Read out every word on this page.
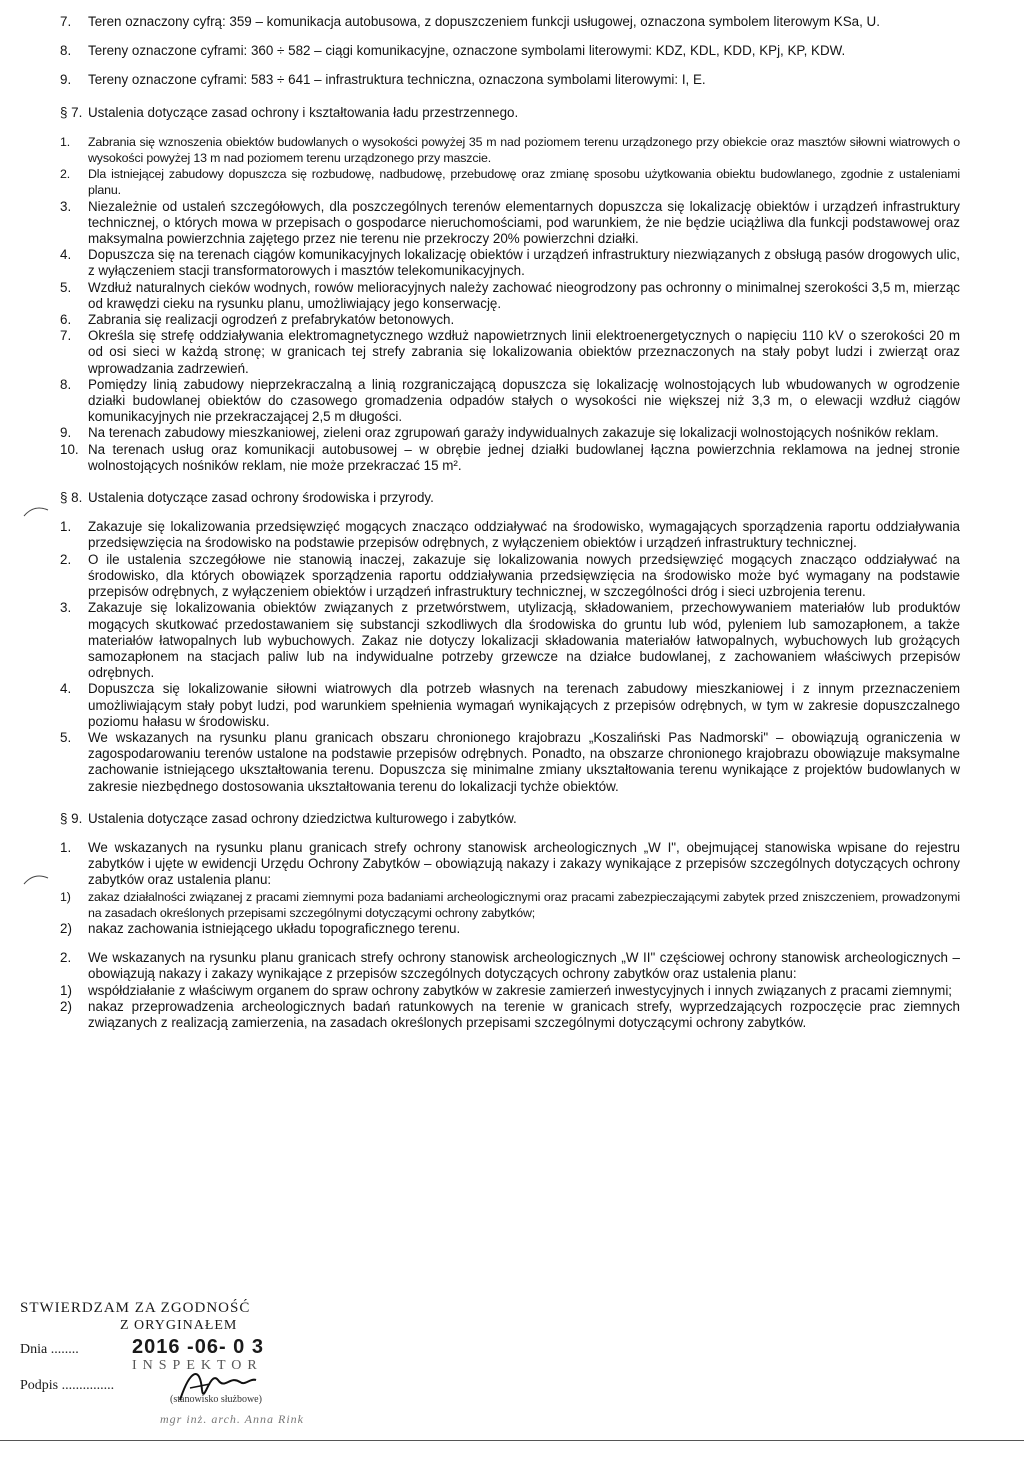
7. Teren oznaczony cyfrą: 359 – komunikacja autobusowa, z dopuszczeniem funkcji usługowej, oznaczona symbolem literowym KSa, U.
8. Tereny oznaczone cyframi: 360 ÷ 582 – ciągi komunikacyjne, oznaczone symbolami literowymi: KDZ, KDL, KDD, KPj, KP, KDW.
9. Tereny oznaczone cyframi: 583 ÷ 641 – infrastruktura techniczna, oznaczona symbolami literowymi: I, E.
§ 7. Ustalenia dotyczące zasad ochrony i kształtowania ładu przestrzennego.
1. Zabrania się wznoszenia obiektów budowlanych o wysokości powyżej 35 m nad poziomem terenu urządzonego przy obiekcie oraz masztów siłowni wiatrowych o wysokości powyżej 13 m nad poziomem terenu urządzonego przy maszcie.
2. Dla istniejącej zabudowy dopuszcza się rozbudowę, nadbudowę, przebudowę oraz zmianę sposobu użytkowania obiektu budowlanego, zgodnie z ustaleniami planu.
3. Niezależnie od ustaleń szczegółowych, dla poszczególnych terenów elementarnych dopuszcza się lokalizację obiektów i urządzeń infrastruktury technicznej, o których mowa w przepisach o gospodarce nieruchomościami, pod warunkiem, że nie będzie uciążliwa dla funkcji podstawowej oraz maksymalna powierzchnia zajętego przez nie terenu nie przekroczy 20% powierzchni działki.
4. Dopuszcza się na terenach ciągów komunikacyjnych lokalizację obiektów i urządzeń infrastruktury niezwiązanych z obsługą pasów drogowych ulic, z wyłączeniem stacji transformatorowych i masztów telekomunikacyjnych.
5. Wzdłuż naturalnych cieków wodnych, rowów melioracyjnych należy zachować nieogrodzony pas ochronny o minimalnej szerokości 3,5 m, mierząc od krawędzi cieku na rysunku planu, umożliwiający jego konserwację.
6. Zabrania się realizacji ogrodzeń z prefabrykatów betonowych.
7. Określa się strefę oddziaływania elektromagnetycznego wzdłuż napowietrznych linii elektroenergetycznych o napięciu 110 kV o szerokości 20 m od osi sieci w każdą stronę; w granicach tej strefy zabrania się lokalizowania obiektów przeznaczonych na stały pobyt ludzi i zwierząt oraz wprowadzania zadrzewień.
8. Pomiędzy linią zabudowy nieprzekraczalną a linią rozgraniczającą dopuszcza się lokalizację wolnostojących lub wbudowanych w ogrodzenie działki budowlanej obiektów do czasowego gromadzenia odpadów stałych o wysokości nie większej niż 3,3 m, o elewacji wzdłuż ciągów komunikacyjnych nie przekraczającej 2,5 m długości.
9. Na terenach zabudowy mieszkaniowej, zieleni oraz zgrupowań garaży indywidualnych zakazuje się lokalizacji wolnostojących nośników reklam.
10. Na terenach usług oraz komunikacji autobusowej – w obrębie jednej działki budowlanej łączna powierzchnia reklamowa na jednej stronie wolnostojących nośników reklam, nie może przekraczać 15 m².
§ 8. Ustalenia dotyczące zasad ochrony środowiska i przyrody.
1. Zakazuje się lokalizowania przedsięwzięć mogących znacząco oddziaływać na środowisko, wymagających sporządzenia raportu oddziaływania przedsięwzięcia na środowisko na podstawie przepisów odrębnych, z wyłączeniem obiektów i urządzeń infrastruktury technicznej.
2. O ile ustalenia szczegółowe nie stanowią inaczej, zakazuje się lokalizowania nowych przedsięwzięć mogących znacząco oddziaływać na środowisko, dla których obowiązek sporządzenia raportu oddziaływania przedsięwzięcia na środowisko może być wymagany na podstawie przepisów odrębnych, z wyłączeniem obiektów i urządzeń infrastruktury technicznej, w szczególności dróg i sieci uzbrojenia terenu.
3. Zakazuje się lokalizowania obiektów związanych z przetwórstwem, utylizacją, składowaniem, przechowywaniem materiałów lub produktów mogących skutkować przedostawaniem się substancji szkodliwych dla środowiska do gruntu lub wód, pyleniem lub samozapłonem, a także materiałów łatwopalnych lub wybuchowych. Zakaz nie dotyczy lokalizacji składowania materiałów łatwopalnych, wybuchowych lub grożących samozapłonem na stacjach paliw lub na indywidualne potrzeby grzewcze na działce budowlanej, z zachowaniem właściwych przepisów odrębnych.
4. Dopuszcza się lokalizowanie siłowni wiatrowych dla potrzeb własnych na terenach zabudowy mieszkaniowej i z innym przeznaczeniem umożliwiającym stały pobyt ludzi, pod warunkiem spełnienia wymagań wynikających z przepisów odrębnych, w tym w zakresie dopuszczalnego poziomu hałasu w środowisku.
5. We wskazanych na rysunku planu granicach obszaru chronionego krajobrazu „Koszaliński Pas Nadmorski" – obowiązują ograniczenia w zagospodarowaniu terenów ustalone na podstawie przepisów odrębnych. Ponadto, na obszarze chronionego krajobrazu obowiązuje maksymalne zachowanie istniejącego ukształtowania terenu. Dopuszcza się minimalne zmiany ukształtowania terenu wynikające z projektów budowlanych w zakresie niezbędnego dostosowania ukształtowania terenu do lokalizacji tychże obiektów.
§ 9. Ustalenia dotyczące zasad ochrony dziedzictwa kulturowego i zabytków.
1. We wskazanych na rysunku planu granicach strefy ochrony stanowisk archeologicznych „W I", obejmującej stanowiska wpisane do rejestru zabytków i ujęte w ewidencji Urzędu Ochrony Zabytków – obowiązują nakazy i zakazy wynikające z przepisów szczególnych dotyczących ochrony zabytków oraz ustalenia planu:
1) zakaz działalności związanej z pracami ziemnymi poza badaniami archeologicznymi oraz pracami zabezpieczającymi zabytek przed zniszczeniem, prowadzonymi na zasadach określonych przepisami szczególnymi dotyczącymi ochrony zabytków;
2) nakaz zachowania istniejącego układu topograficznego terenu.
2. We wskazanych na rysunku planu granicach strefy ochrony stanowisk archeologicznych „W II" częściowej ochrony stanowisk archeologicznych – obowiązują nakazy i zakazy wynikające z przepisów szczególnych dotyczących ochrony zabytków oraz ustalenia planu:
1) współdziałanie z właściwym organem do spraw ochrony zabytków w zakresie zamierzeń inwestycyjnych i innych związanych z pracami ziemnymi;
2) nakaz przeprowadzenia archeologicznych badań ratunkowych na terenie w granicach strefy, wyprzedzających rozpoczęcie prac ziemnych związanych z realizacją zamierzenia, na zasadach określonych przepisami szczególnymi dotyczącymi ochrony zabytków.
STWIERDZAM ZA ZGODNOŚĆ
Z ORYGINAŁEM
Dnia ........	2016 -06- 0 3
INSPEKTOR
Podpis ...............
(stanowisko służbowe)
mgr inż. arch. Anna Rink
